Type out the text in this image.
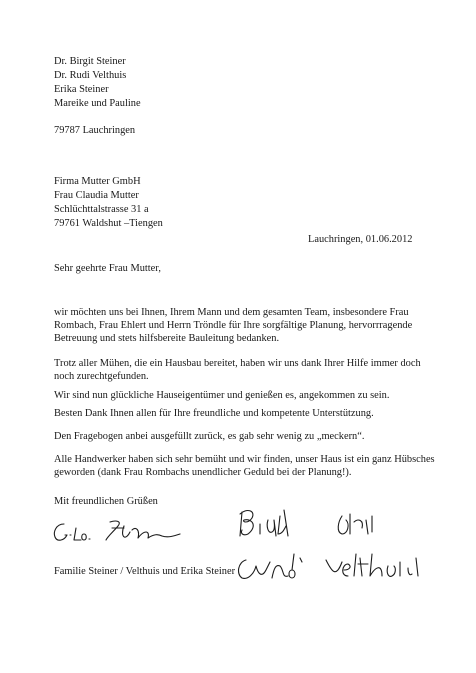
Dr. Birgit Steiner
Dr. Rudi Velthuis
Erika Steiner
Mareike und Pauline
79787 Lauchringen
Firma Mutter GmbH
Frau Claudia Mutter
Schlüchttalstrasse 31 a
79761 Waldshut –Tiengen
Lauchringen, 01.06.2012
Sehr geehrte Frau Mutter,
wir möchten uns bei Ihnen, Ihrem Mann und dem gesamten Team, insbesondere Frau Rombach, Frau Ehlert und Herrn Tröndle für Ihre sorgfältige Planung, hervorrragende Betreuung und stets hilfsbereite Bauleitung bedanken.
Trotz aller Mühen, die ein Hausbau bereitet, haben wir uns dank Ihrer Hilfe immer doch noch zurechtgefunden.
Wir sind nun glückliche Hauseigentümer und genießen es, angekommen zu sein.
Besten Dank Ihnen allen für Ihre freundliche und kompetente Unterstützung.
Den Fragebogen anbei ausgefüllt zurück, es gab sehr wenig zu „meckern“.
Alle Handwerker haben sich sehr bemüht und wir finden, unser Haus ist ein ganz Hübsches geworden (dank Frau Rombachs unendlicher Geduld bei der Planung!).
Mit freundlichen Grüßen
Familie Steiner / Velthuis und Erika Steiner
